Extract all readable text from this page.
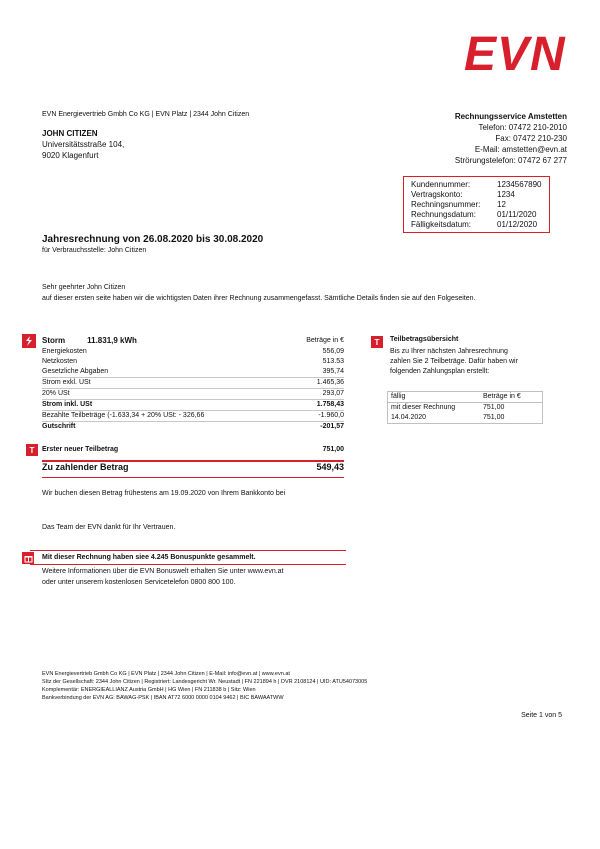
EVN
EVN Energievertrieb Gmbh Co KG | EVN Platz | 2344 John Citizen
JOHN CITIZEN
Universitätsstraße 104,
9020 Klagenfurt
Rechnungsservice Amstetten
Telefon: 07472 210-2010
Fax: 07472 210-230
E-Mail: amstetten@evn.at
Strörungstelefon: 07472 67 277
Kundennummer:	1234567890
Vertragskonto:	1234
Rechningsnummer:	12
Rechnungsdatum:	01/11/2020
Fälligkeitsdatum:	01/12/2020
Jahresrechnung von 26.08.2020 bis 30.08.2020
für Verbrauchsstelle: John Citizen
Sehr geehrter John Citizen
auf dieser ersten seite haben wir die wichtigsten Daten ihrer Rechnung zusammengefasst. Sämtliche Details finden sie auf den Folgeseiten.
Storm	11.831,9 kWh	Beträge in €
Energiekosten	556,09
Netzkosten	513.53
Gesetzliche Abgaben	395,74
Strom exkl. USt	1.465,36
20% USt	293,07
Strom inkl. USt	1.758,43
Bezahlte Teilbeträge (-1.633,34 + 20% USt: - 326,66	-1.960,0
Gutschrift	-201,57
T	Erster neuer Teilbetrag	751,00
Zu zahlender Betrag	549,43
Wir buchen diesen Betrag frühestens am 19.09.2020 von Ihrem Bankkonto bei
Das Team der EVN dankt für Ihr Vertrauen.
Mit dieser Rechnung haben siee 4.245 Bonuspunkte gesammelt.
Weitere Informationen über die EVN Bonuswelt erhalten Sie unter www.evn.at
oder unter unserem kostenlosen Servicetelefon 0800 800 100.
T	Teilbetragsübersicht
Bis zu Ihrer nächsten Jahresrechnung
zahlen Sie 2 Teilbeträge. Dafür haben wir
folgenden Zahlungsplan erstellt:
fällig	Beträge in €
mit dieser Rechnung	751,00
14.04.2020	751,00
EVN Energievertrieb Gmbh Co KG | EVN Platz | 2344 John Citizen | E-Mail: info@evn.at | www.evn.at
SItz der Gesellschaft: 2344 John Citizen | Registriert: Landesgericht Wr. Neustadt | FN 221894 h | DVR 2108124 | UID: ATU54073005
Komplementär: ENERGIEALLIANZ Austria GmbH | HG Wien | FN 211838 b | Sitz: Wien
Bankverbindung der EVN AG: BAWAG-PSK | IBAN AT72 6000 0000 0104 9462 | BIC BAWAATWW
Seite 1 von 5
